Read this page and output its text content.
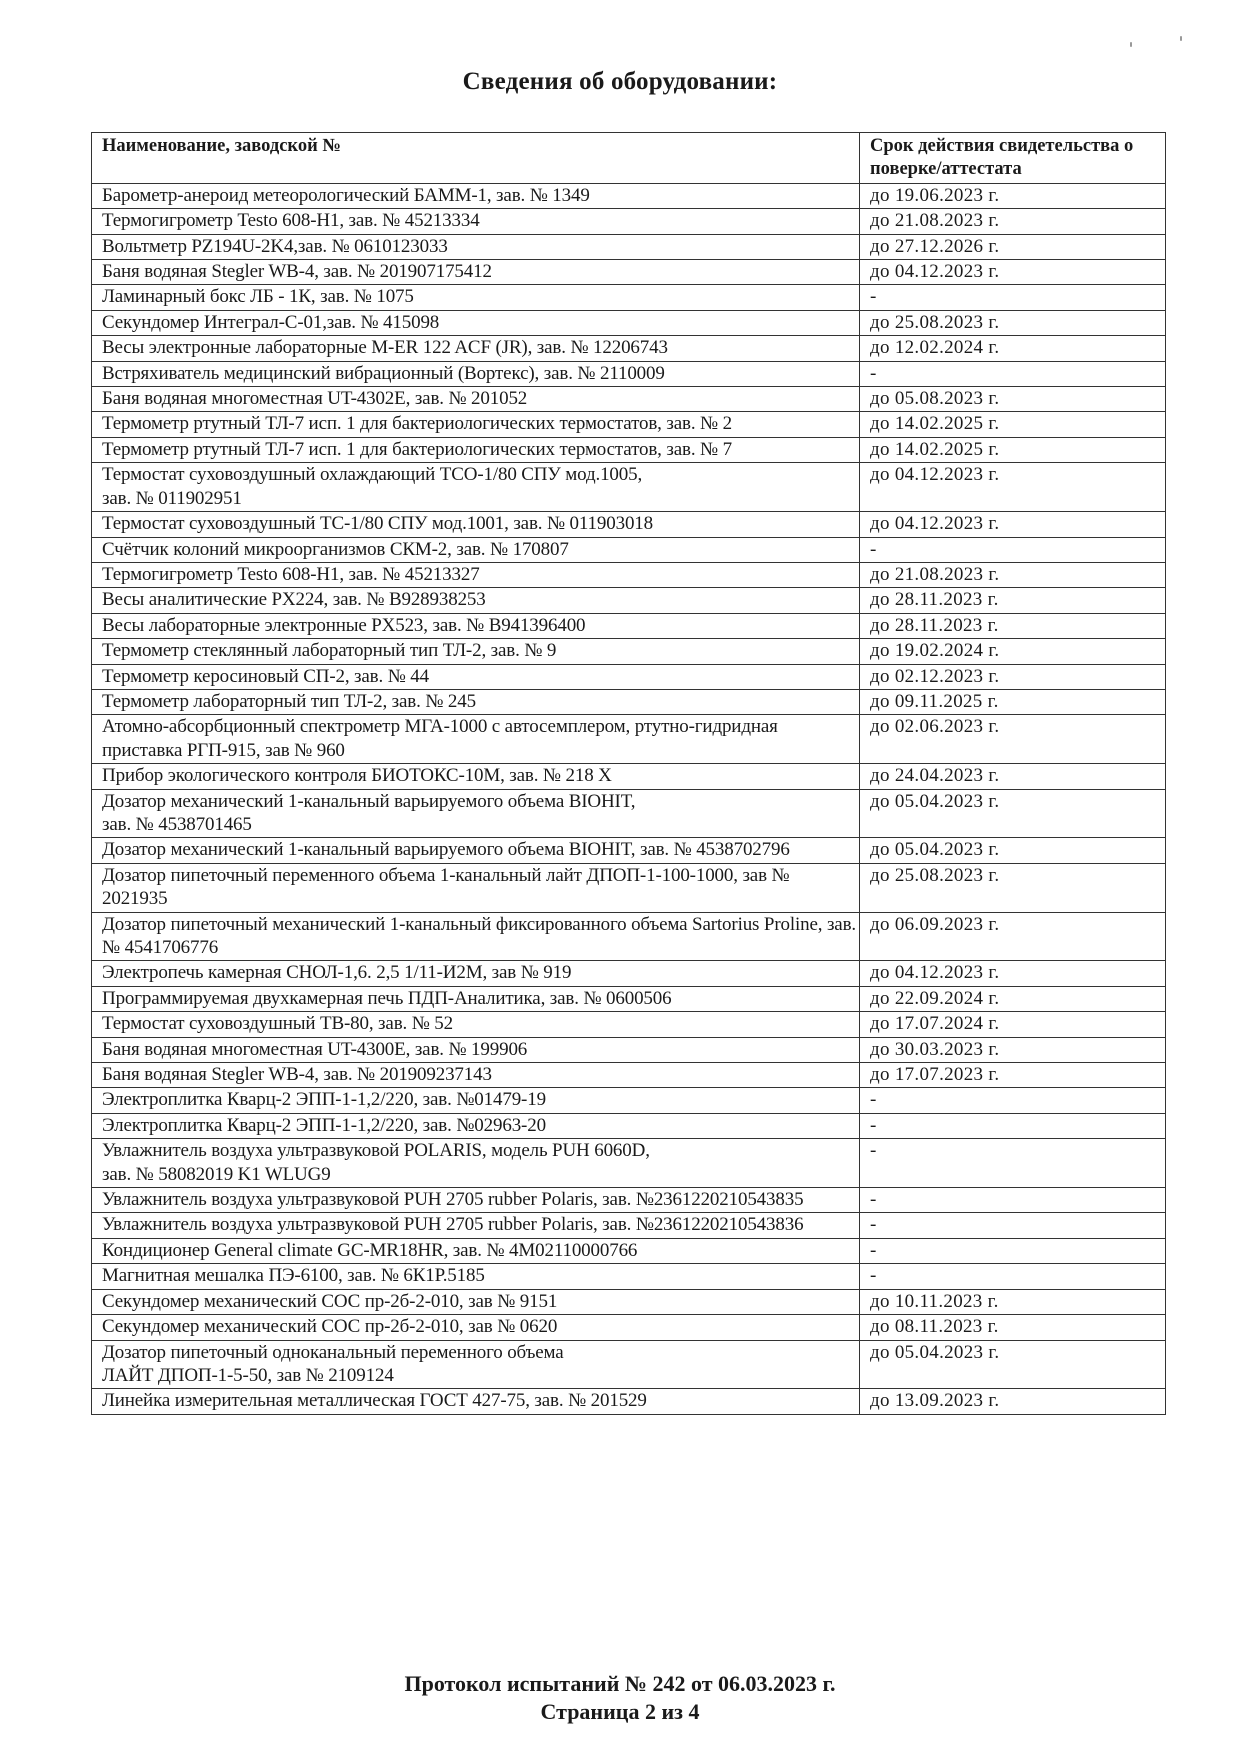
Сведения об оборудовании:
Наименование, заводской №	Срок действия свидетельства о поверке/аттестата
Барометр-анероид метеорологический БАММ-1, зав. № 1349	до 19.06.2023 г.
Термогигрометр Testo 608-H1, зав. № 45213334	до 21.08.2023 г.
Вольтметр PZ194U-2K4,зав. № 0610123033	до 27.12.2026 г.
Баня водяная Stegler WB-4, зав. № 201907175412	до 04.12.2023 г.
Ламинарный бокс ЛБ - 1К, зав. № 1075	-
Секундомер Интеграл-С-01,зав. № 415098	до 25.08.2023 г.
Весы электронные лабораторные M-ER 122 ACF (JR), зав. № 12206743	до 12.02.2024 г.
Встряхиватель медицинский вибрационный (Вортекс), зав. № 2110009	-
Баня водяная многоместная UT-4302E, зав. № 201052	до 05.08.2023 г.
Термометр ртутный ТЛ-7 исп. 1 для бактериологических термостатов, зав. № 2	до 14.02.2025 г.
Термометр ртутный ТЛ-7 исп. 1 для бактериологических термостатов, зав. № 7	до 14.02.2025 г.
Термостат суховоздушный охлаждающий ТСО-1/80 СПУ мод.1005,
зав. № 011902951	до 04.12.2023 г.
Термостат суховоздушный ТС-1/80 СПУ мод.1001, зав. № 011903018	до 04.12.2023 г.
Счётчик колоний микроорганизмов СКМ-2, зав. № 170807	-
Термогигрометр Testo 608-H1, зав. № 45213327	до 21.08.2023 г.
Весы аналитические PX224, зав. № B928938253	до 28.11.2023 г.
Весы лабораторные электронные PX523, зав. № B941396400	до 28.11.2023 г.
Термометр стеклянный лабораторный тип ТЛ-2, зав. № 9	до 19.02.2024 г.
Термометр керосиновый СП-2, зав. № 44	до 02.12.2023 г.
Термометр лабораторный тип ТЛ-2, зав. № 245	до 09.11.2025 г.
Атомно-абсорбционный спектрометр МГА-1000 с автосемплером, ртутно-гидридная приставка РГП-915, зав № 960	до 02.06.2023 г.
Прибор экологического контроля БИОТОКС-10М, зав. № 218 Х	до 24.04.2023 г.
Дозатор механический 1-канальный варьируемого объема BIOHIT,
зав. № 4538701465	до 05.04.2023 г.
Дозатор механический 1-канальный варьируемого объема BIOHIT, зав. № 4538702796	до 05.04.2023 г.
Дозатор пипеточный переменного объема 1-канальный лайт ДПОП-1-100-1000, зав № 2021935	до 25.08.2023 г.
Дозатор пипеточный механический 1-канальный фиксированного объема Sartorius Proline, зав. № 4541706776	до 06.09.2023 г.
Электропечь камерная СНОЛ-1,6. 2,5 1/11-И2М, зав № 919	до 04.12.2023 г.
Программируемая двухкамерная печь ПДП-Аналитика, зав. № 0600506	до 22.09.2024 г.
Термостат суховоздушный ТВ-80, зав. № 52	до 17.07.2024 г.
Баня водяная многоместная UT-4300E, зав. № 199906	до 30.03.2023 г.
Баня водяная Stegler WB-4, зав. № 201909237143	до 17.07.2023 г.
Электроплитка Кварц-2 ЭПП-1-1,2/220, зав. №01479-19	-
Электроплитка Кварц-2 ЭПП-1-1,2/220, зав. №02963-20	-
Увлажнитель воздуха ультразвуковой POLARIS, модель PUH 6060D,
зав. № 58082019 K1 WLUG9	-
Увлажнитель воздуха ультразвуковой PUH 2705 rubber Polaris, зав. №2361220210543835	-
Увлажнитель воздуха ультразвуковой PUH 2705 rubber Polaris, зав. №2361220210543836	-
Кондиционер General climate GC-MR18HR, зав. № 4M02110000766	-
Магнитная мешалка ПЭ-6100, зав. № 6К1Р.5185	-
Секундомер механический СОС пр-2б-2-010, зав № 9151	до 10.11.2023 г.
Секундомер механический СОС пр-2б-2-010, зав № 0620	до 08.11.2023 г.
Дозатор пипеточный одноканальный переменного объема
ЛАЙТ ДПОП-1-5-50, зав № 2109124	до 05.04.2023 г.
Линейка измерительная металлическая ГОСТ 427-75, зав. № 201529	до 13.09.2023 г.
Протокол испытаний № 242 от 06.03.2023 г.
Страница 2 из 4
